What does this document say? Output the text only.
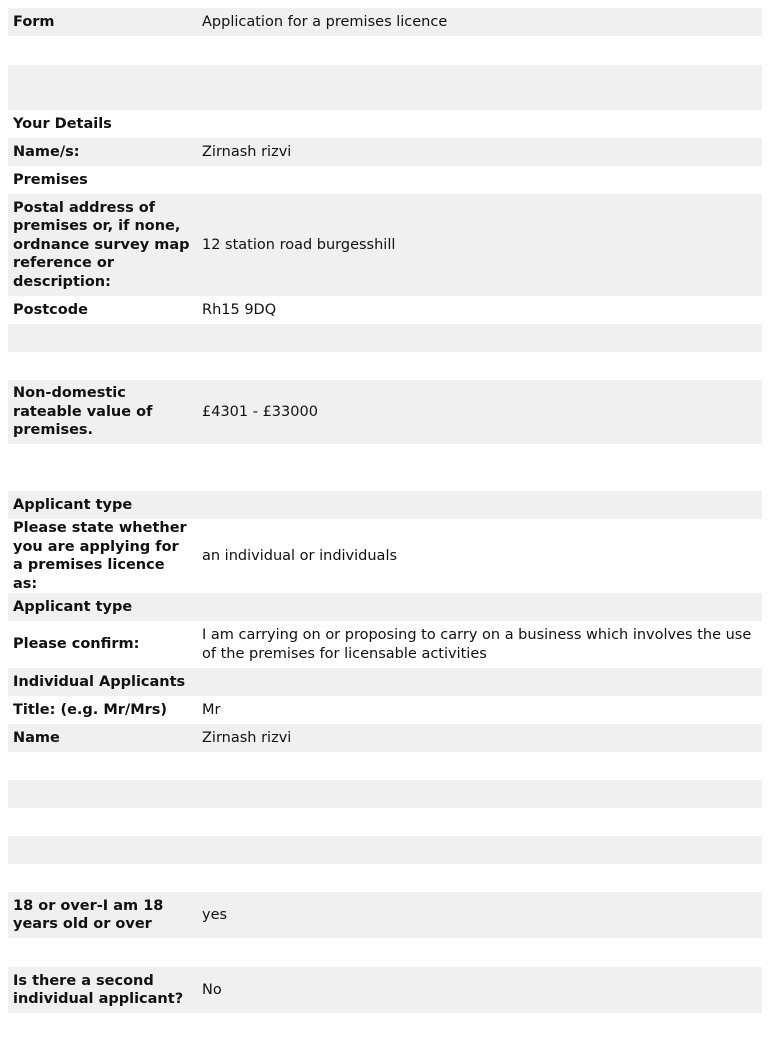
Form	Application for a premises licence

Your Details	
Name/s:	Zirnash rizvi
Premises	
Postal address of premises or, if none, ordnance survey map reference or description:	12 station road burgesshill
Postcode	Rh15 9DQ

Non-domestic rateable value of premises.	£4301 - £33000

Applicant type	
Please state whether you are applying for a premises licence as:	an individual or individuals
Applicant type	
Please confirm:	I am carrying on or proposing to carry on a business which involves the use of the premises for licensable activities
Individual Applicants	
Title: (e.g. Mr/Mrs)	Mr
Name	Zirnash rizvi

18 or over-I am 18 years old or over	yes

Is there a second individual applicant?	No
